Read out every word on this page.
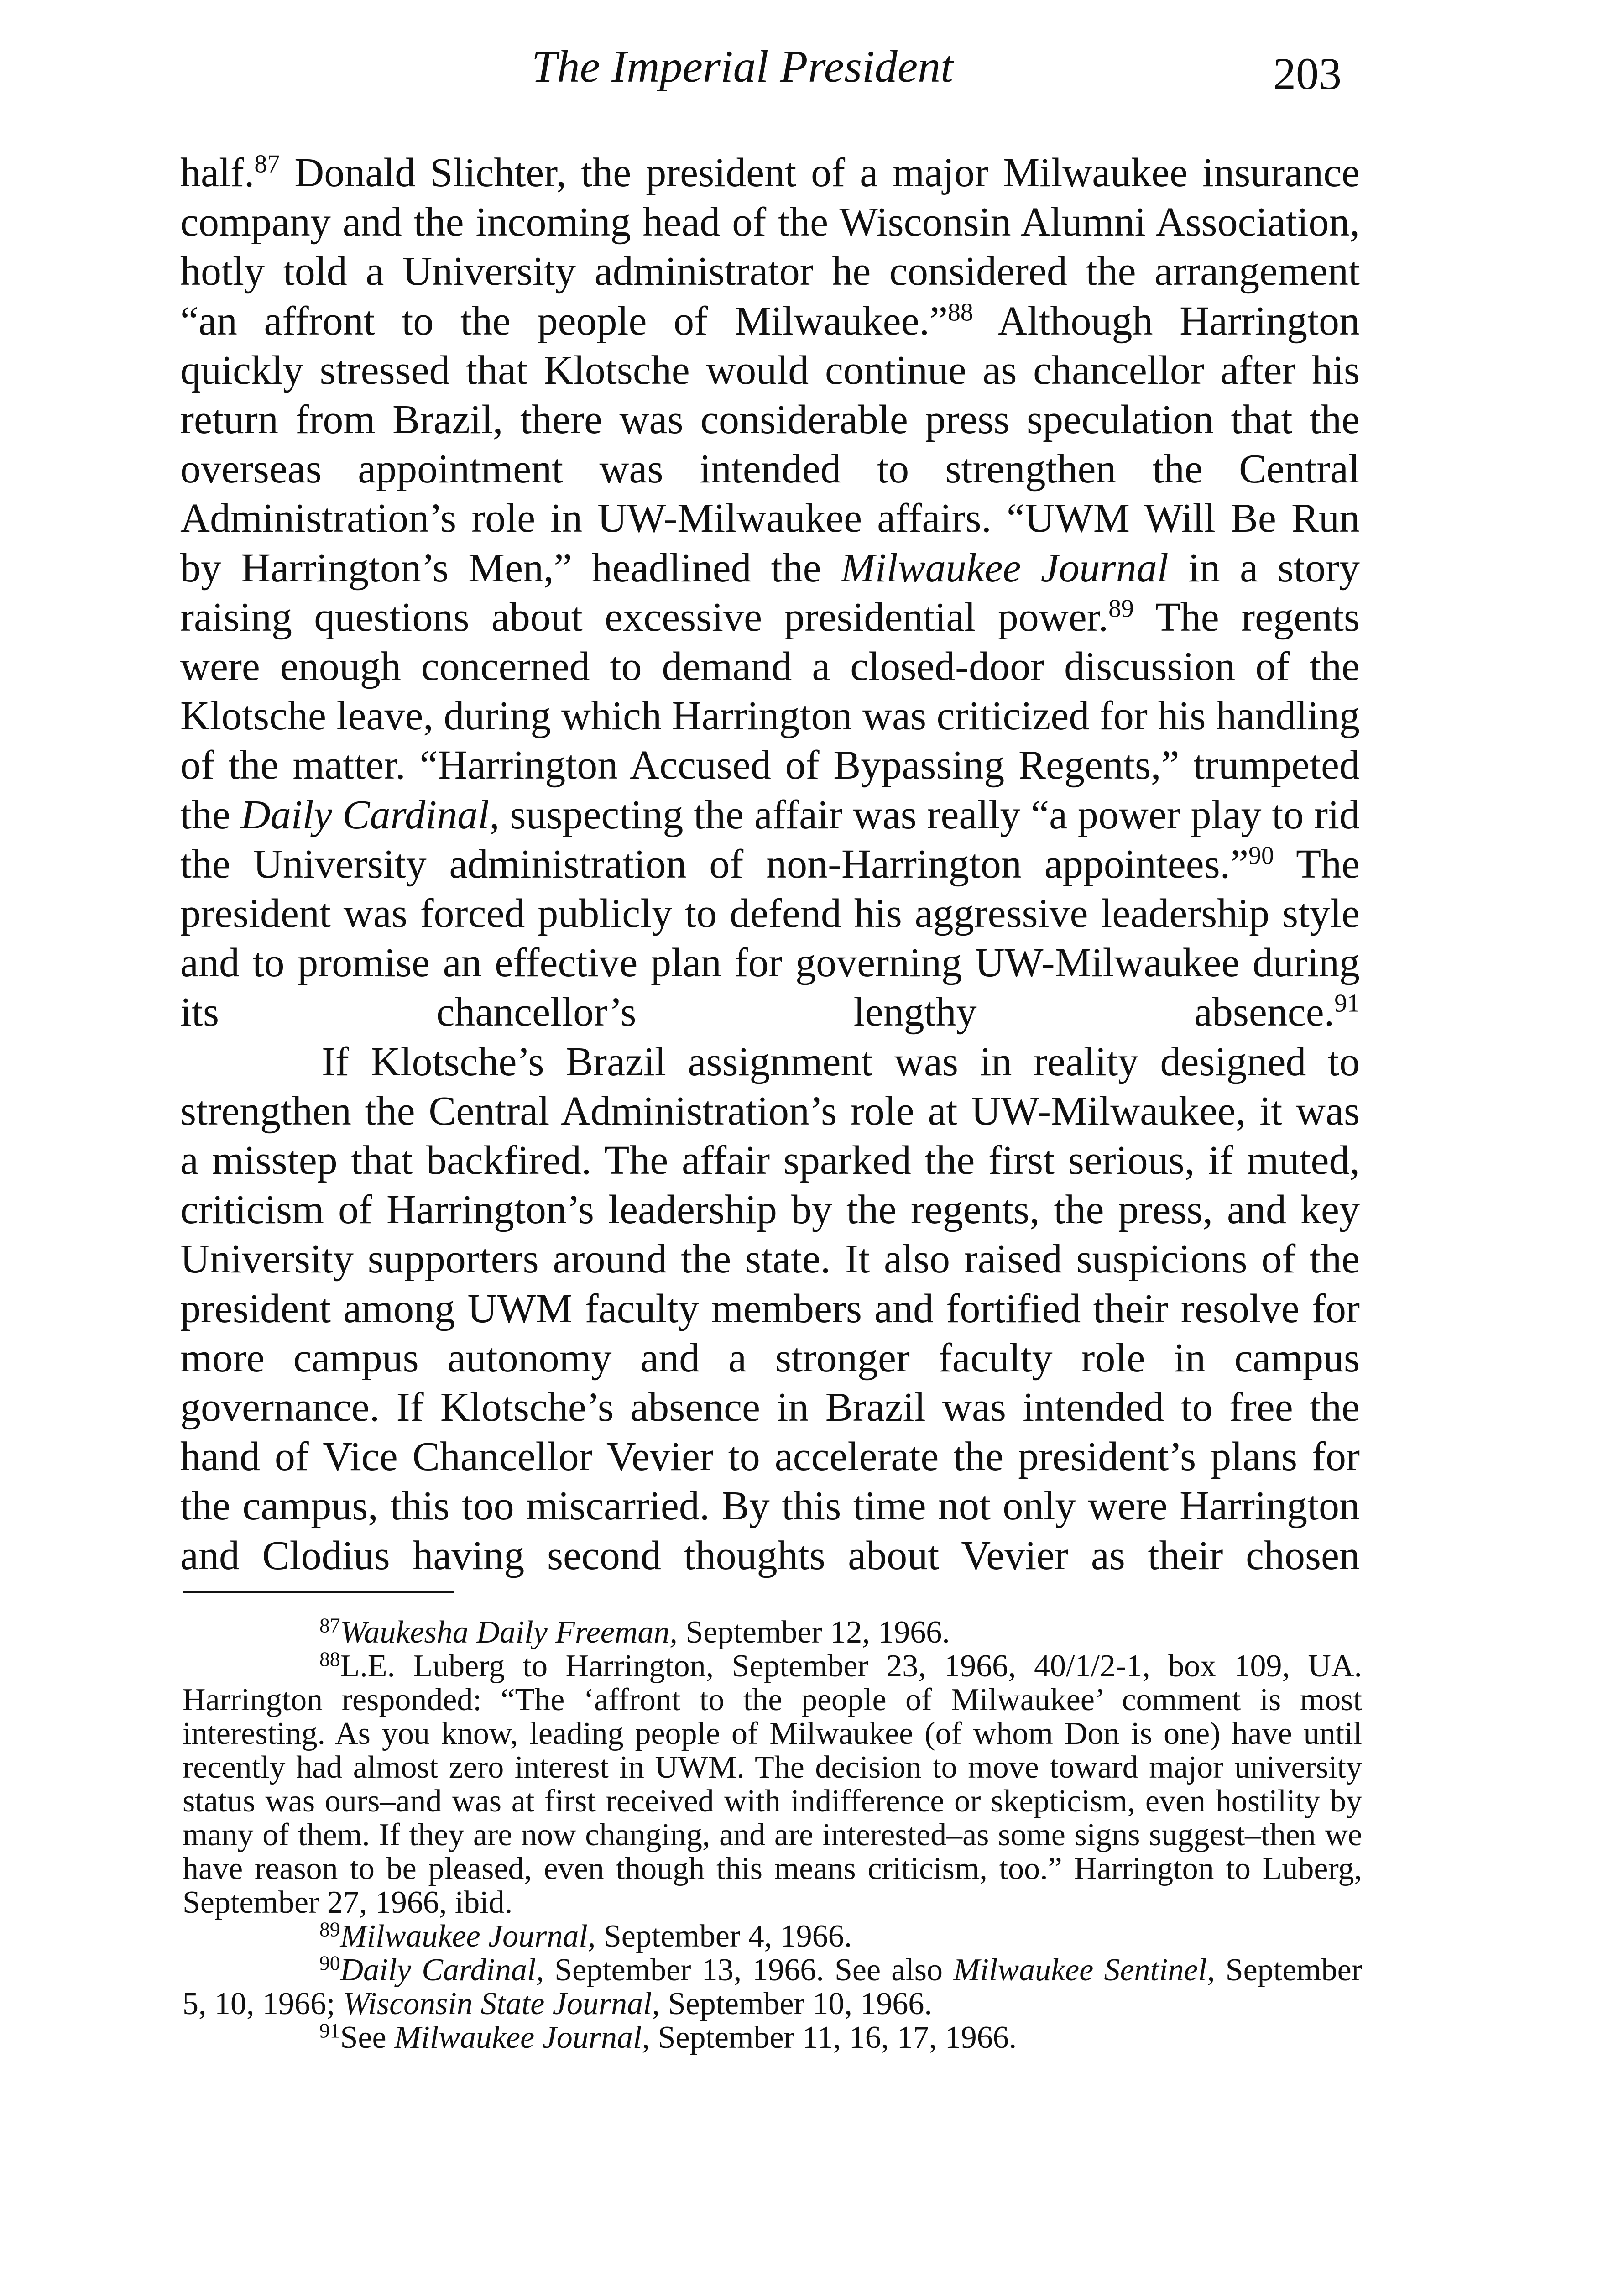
The Imperial President	203

half.$^{87}$ Donald Slichter, the president of a major Milwaukee insurance company and the incoming head of the Wisconsin Alumni Association, hotly told a University administrator he considered the arrangement “an affront to the people of Milwaukee.”$^{88}$ Although Harrington quickly stressed that Klotsche would continue as chancellor after his return from Brazil, there was considerable press speculation that the overseas appointment was intended to strengthen the Central Administration’s role in UW-Milwaukee affairs. “UWM Will Be Run by Harrington’s Men,” headlined the Milwaukee Journal in a story raising questions about excessive presidential power.$^{89}$ The regents were enough concerned to demand a closed-door discussion of the Klotsche leave, during which Harrington was criticized for his handling of the matter. “Harrington Accused of Bypassing Regents,” trumpeted the Daily Cardinal, suspecting the affair was really “a power play to rid the University administration of non-Harrington appointees.”$^{90}$ The president was forced publicly to defend his aggressive leadership style and to promise an effective plan for governing UW-Milwaukee during its chancellor’s lengthy absence.$^{91}$

If Klotsche’s Brazil assignment was in reality designed to strengthen the Central Administration’s role at UW-Milwaukee, it was a misstep that backfired. The affair sparked the first serious, if muted, criticism of Harrington’s leadership by the regents, the press, and key University supporters around the state. It also raised suspicions of the president among UWM faculty members and fortified their resolve for more campus autonomy and a stronger faculty role in campus governance. If Klotsche’s absence in Brazil was intended to free the hand of Vice Chancellor Vevier to accelerate the president’s plans for the campus, this too miscarried. By this time not only were Harrington and Clodius having second thoughts about Vevier as their chosen

$^{87}$Waukesha Daily Freeman, September 12, 1966.

$^{88}$L.E. Luberg to Harrington, September 23, 1966, 40/1/2-1, box 109, UA. Harrington responded: “The ‘affront to the people of Milwaukee’ comment is most interesting. As you know, leading people of Milwaukee (of whom Don is one) have until recently had almost zero interest in UWM. The decision to move toward major university status was ours–and was at first received with indifference or skepticism, even hostility by many of them. If they are now changing, and are interested–as some signs suggest–then we have reason to be pleased, even though this means criticism, too.” Harrington to Luberg, September 27, 1966, ibid.

$^{89}$Milwaukee Journal, September 4, 1966.

$^{90}$Daily Cardinal, September 13, 1966. See also Milwaukee Sentinel, September 5, 10, 1966; Wisconsin State Journal, September 10, 1966.

$^{91}$See Milwaukee Journal, September 11, 16, 17, 1966.
